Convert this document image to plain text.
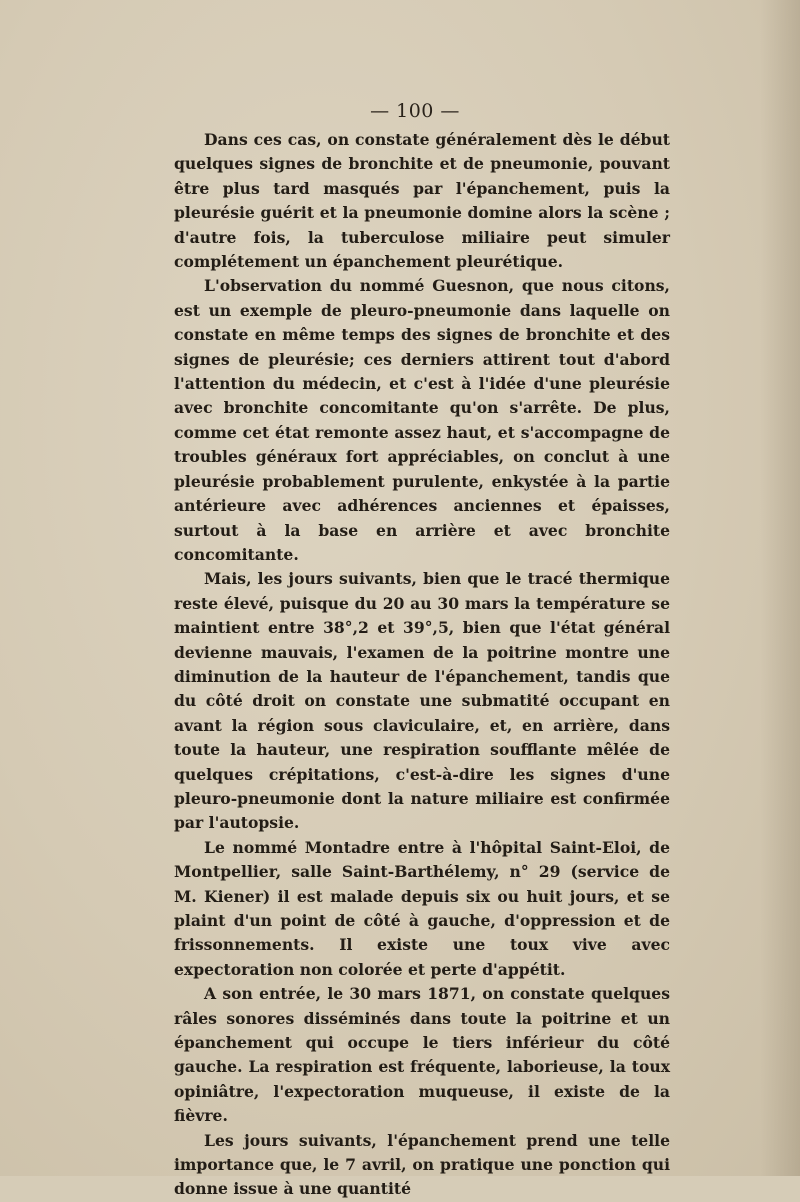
— 100 —

Dans ces cas, on constate généralement dès le début quelques signes de bronchite et de pneumonie, pouvant être plus tard masqués par l'épanchement, puis la pleurésie guérit et la pneumonie domine alors la scène ; d'autre fois, la tuberculose miliaire peut simuler complétement un épanchement pleurétique.

L'observation du nommé Guesnon, que nous citons, est un exemple de pleuro-pneumonie dans laquelle on constate en même temps des signes de bronchite et des signes de pleurésie; ces derniers attirent tout d'abord l'attention du médecin, et c'est à l'idée d'une pleurésie avec bronchite concomitante qu'on s'arrête. De plus, comme cet état remonte assez haut, et s'accompagne de troubles généraux fort appréciables, on conclut à une pleurésie probablement purulente, enkystée à la partie antérieure avec adhérences anciennes et épaisses, surtout à la base en arrière et avec bronchite concomitante.

Mais, les jours suivants, bien que le tracé thermique reste élevé, puisque du 20 au 30 mars la température se maintient entre 38°,2 et 39°,5, bien que l'état général devienne mauvais, l'examen de la poitrine montre une diminution de la hauteur de l'épanchement, tandis que du côté droit on constate une submatité occupant en avant la région sous claviculaire, et, en arrière, dans toute la hauteur, une respiration soufflante mêlée de quelques crépitations, c'est-à-dire les signes d'une pleuro-pneumonie dont la nature miliaire est confirmée par l'autopsie.

Le nommé Montadre entre à l'hôpital Saint-Eloi, de Montpellier, salle Saint-Barthélemy, n° 29 (service de M. Kiener) il est malade depuis six ou huit jours, et se plaint d'un point de côté à gauche, d'oppression et de frissonnements. Il existe une toux vive avec expectoration non colorée et perte d'appétit.

A son entrée, le 30 mars 1871, on constate quelques râles sonores disséminés dans toute la poitrine et un épanchement qui occupe le tiers inférieur du côté gauche. La respiration est fréquente, laborieuse, la toux opiniâtre, l'expectoration muqueuse, il existe de la fièvre.

Les jours suivants, l'épanchement prend une telle importance que, le 7 avril, on pratique une ponction qui donne issue à une quantité
